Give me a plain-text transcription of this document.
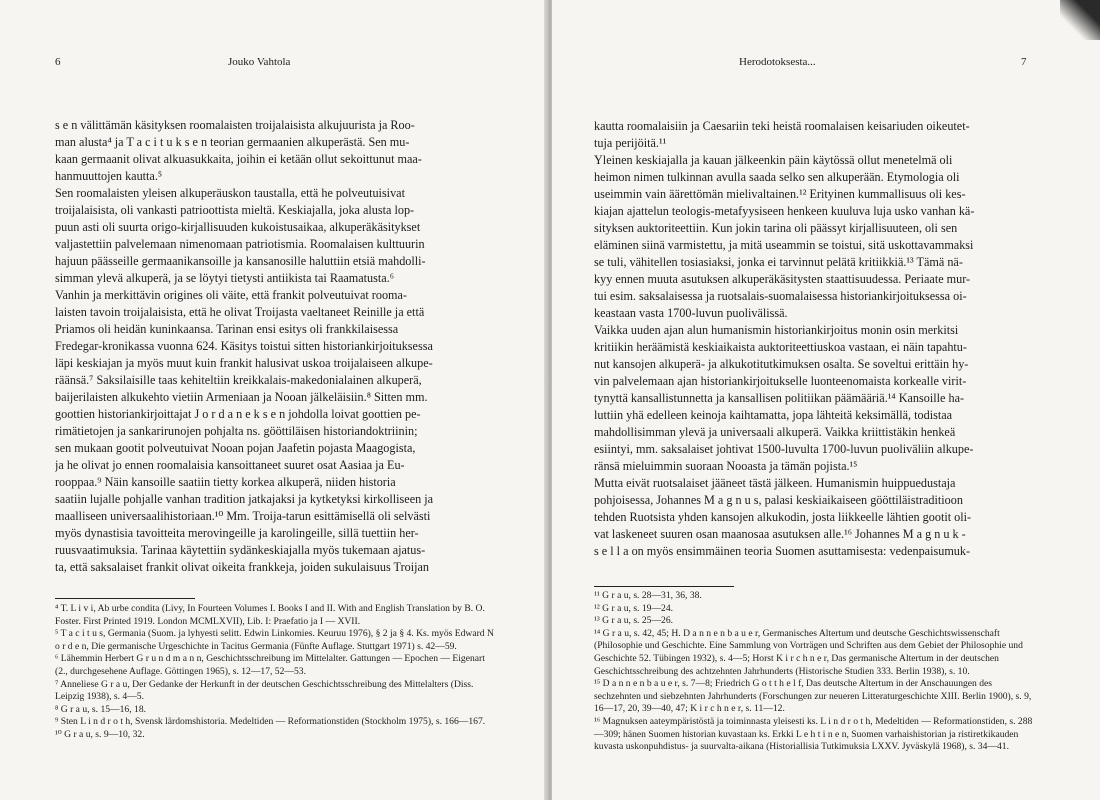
6	Jouko Vahtola
s e n välittämän käsityksen roomalaisten troijalaisista alkujuurista ja Roo-
man alusta⁴ ja T a c i t u k s e n teorian germaanien alkuperästä. Sen mu-
kaan germaanit olivat alkuasukkaita, joihin ei ketään ollut sekoittunut maa-
hanmuuttojen kautta.⁵
Sen roomalaisten yleisen alkuperäuskon taustalla, että he polveutuisivat
troijalaisista, oli vankasti patrioottista mieltä. Keskiajalla, joka alusta lop-
puun asti oli suurta origo-kirjallisuuden kukoistusaikaa, alkuperäkäsitykset
valjastettiin palvelemaan nimenomaan patriotismia. Roomalaisen kulttuurin
hajuun päässeille germaanikansoille ja kansanosille haluttiin etsiä mahdolli-
simman ylevä alkuperä, ja se löytyi tietysti antiikista tai Raamatusta.⁶
Vanhin ja merkittävin origines oli väite, että frankit polveutuivat rooma-
laisten tavoin troijalaisista, että he olivat Troijasta vaeltaneet Reinille ja että
Priamos oli heidän kuninkaansa. Tarinan ensi esitys oli frankkilaisessa
Fredegar-kronikassa vuonna 624. Käsitys toistui sitten historiankirjoituksessa
läpi keskiajan ja myös muut kuin frankit halusivat uskoa troijalaiseen alkupe-
räänsä.⁷ Saksilaisille taas kehiteltiin kreikkalais-makedonialainen alkuperä,
baijerilaisten alkukehto vietiin Armeniaan ja Nooan jälkeläisiin.⁸ Sitten mm.
goottien historiankirjoittajat J o r d a n e k s e n johdolla loivat goottien pe-
rimätietojen ja sankarirunojen pohjalta ns. gööttiläisen historiandoktriinin;
sen mukaan gootit polveutuivat Nooan pojan Jaafetin pojasta Maagogista,
ja he olivat jo ennen roomalaisia kansoittaneet suuret osat Aasiaa ja Eu-
rooppaa.⁹ Näin kansoille saatiin tietty korkea alkuperä, niiden historia
saatiin lujalle pohjalle vanhan tradition jatkajaksi ja kytketyksi kirkolliseen ja
maalliseen universaalihistoriaan.¹⁰ Mm. Troija-tarun esittämisellä oli selvästi
myös dynastisia tavoitteita merovingeille ja karolingeille, sillä tuettiin her-
ruusvaatimuksia. Tarinaa käytettiin sydänkeskiajalla myös tukemaan ajatus-
ta, että saksalaiset frankit olivat oikeita frankkeja, joiden sukulaisuus Troijan

⁴ T. L i v i, Ab urbe condita (Livy, In Fourteen Volumes I. Books I and II. With and English Translation by B. O. Foster. First Printed 1919. London MCMLXVII), Lib. I: Praefatio ja I — XVII.

⁵ T a c i t u s, Germania (Suom. ja lyhyesti selitt. Edwin Linkomies. Keuruu 1976), § 2 ja § 4. Ks. myös Edward N o r d e n, Die germanische Urgeschichte in Tacitus Germania (Fünfte Auflage. Stuttgart 1971) s. 42—59.

⁶ Lähemmin Herbert G r u n d m a n n, Geschichtsschreibung im Mittelalter. Gattungen — Epochen — Eigenart (2., durchgesehene Auflage. Göttingen 1965), s. 12—17, 52—53.

⁷ Anneliese G r a u, Der Gedanke der Herkunft in der deutschen Geschichtsschreibung des Mittelalters (Diss. Leipzig 1938), s. 4—5.

⁸ G r a u, s. 15—16, 18.

⁹ Sten L i n d r o t h, Svensk lärdomshistoria. Medeltiden — Reformationstiden (Stockholm 1975), s. 166—167.

¹⁰ G r a u, s. 9—10, 32.

Herodotoksesta...	7
kautta roomalaisiin ja Caesariin teki heistä roomalaisen keisariuden oikeutet-
tuja perijöitä.¹¹
Yleinen keskiajalla ja kauan jälkeenkin päin käytössä ollut menetelmä oli
heimon nimen tulkinnan avulla saada selko sen alkuperään. Etymologia oli
useimmin vain äärettömän mielivaltainen.¹² Erityinen kummallisuus oli kes-
kiajan ajattelun teologis-metafyysiseen henkeen kuuluva luja usko vanhan kä-
sityksen auktoriteettiin. Kun jokin tarina oli päässyt kirjallisuuteen, oli sen
eläminen siinä varmistettu, ja mitä useammin se toistui, sitä uskottavammaksi
se tuli, vähitellen tosiasiaksi, jonka ei tarvinnut pelätä kritiikkiä.¹³ Tämä nä-
kyy ennen muuta asutuksen alkuperäkäsitysten staattisuudessa. Periaate mur-
tui esim. saksalaisessa ja ruotsalais-suomalaisessa historiankirjoituksessa oi-
keastaan vasta 1700-luvun puolivälissä.
Vaikka uuden ajan alun humanismin historiankirjoitus monin osin merkitsi
kritiikin heräämistä keskiaikaista auktoriteettiuskoa vastaan, ei näin tapahtu-
nut kansojen alkuperä- ja alkukotitutkimuksen osalta. Se soveltui erittäin hy-
vin palvelemaan ajan historiankirjoitukselle luonteenomaista korkealle virit-
tynyttä kansallistunnetta ja kansallisen politiikan päämääriä.¹⁴ Kansoille ha-
luttiin yhä edelleen keinoja kaihtamatta, jopa lähteitä keksimällä, todistaa
mahdollisimman ylevä ja universaali alkuperä. Vaikka kriittistäkin henkeä
esiintyi, mm. saksalaiset johtivat 1500-luvulta 1700-luvun puoliväliin alkupe-
ränsä mieluimmin suoraan Nooasta ja tämän pojista.¹⁵
Mutta eivät ruotsalaiset jääneet tästä jälkeen. Humanismin huippuedustaja
pohjoisessa, Johannes M a g n u s, palasi keskiaikaiseen gööttiläistraditioon
tehden Ruotsista yhden kansojen alkukodin, josta liikkeelle lähtien gootit oli-
vat laskeneet suuren osan maanosaa asutuksen alle.¹⁶ Johannes M a g n u k -
s e l l a on myös ensimmäinen teoria Suomen asuttamisesta: vedenpaisumuk-

¹¹ G r a u, s. 28—31, 36, 38.

¹² G r a u, s. 19—24.

¹³ G r a u, s. 25—26.

¹⁴ G r a u, s. 42, 45; H. D a n n e n b a u e r, Germanisches Altertum und deutsche Geschichtswissenschaft (Philosophie und Geschichte. Eine Sammlung von Vorträgen und Schriften aus dem Gebiet der Philosophie und Geschichte 52. Tübingen 1932), s. 4—5; Horst K i r c h n e r, Das germanische Altertum in der deutschen Geschichtsschreibung des achtzehnten Jahrhunderts (Historische Studien 333. Berlin 1938), s. 10.

¹⁵ D a n n e n b a u e r, s. 7—8; Friedrich G o t t h e l f, Das deutsche Altertum in der Anschauungen des sechzehnten und siebzehnten Jahrhunderts (Forschungen zur neueren Litteraturgeschichte XIII. Berlin 1900), s. 9, 16—17, 20, 39—40, 47; K i r c h n e r, s. 11—12.

¹⁶ Magnuksen aateympäristöstä ja toiminnasta yleisesti ks. L i n d r o t h, Medeltiden — Reformationstiden, s. 288—309; hänen Suomen historian kuvastaan ks. Erkki L e h t i n e n, Suomen varhaishistorian ja ristiretkikauden kuvasta uskonpuhdistus- ja suurvalta-aikana (Historiallisia Tutkimuksia LXXV. Jyväskylä 1968), s. 34—41.
